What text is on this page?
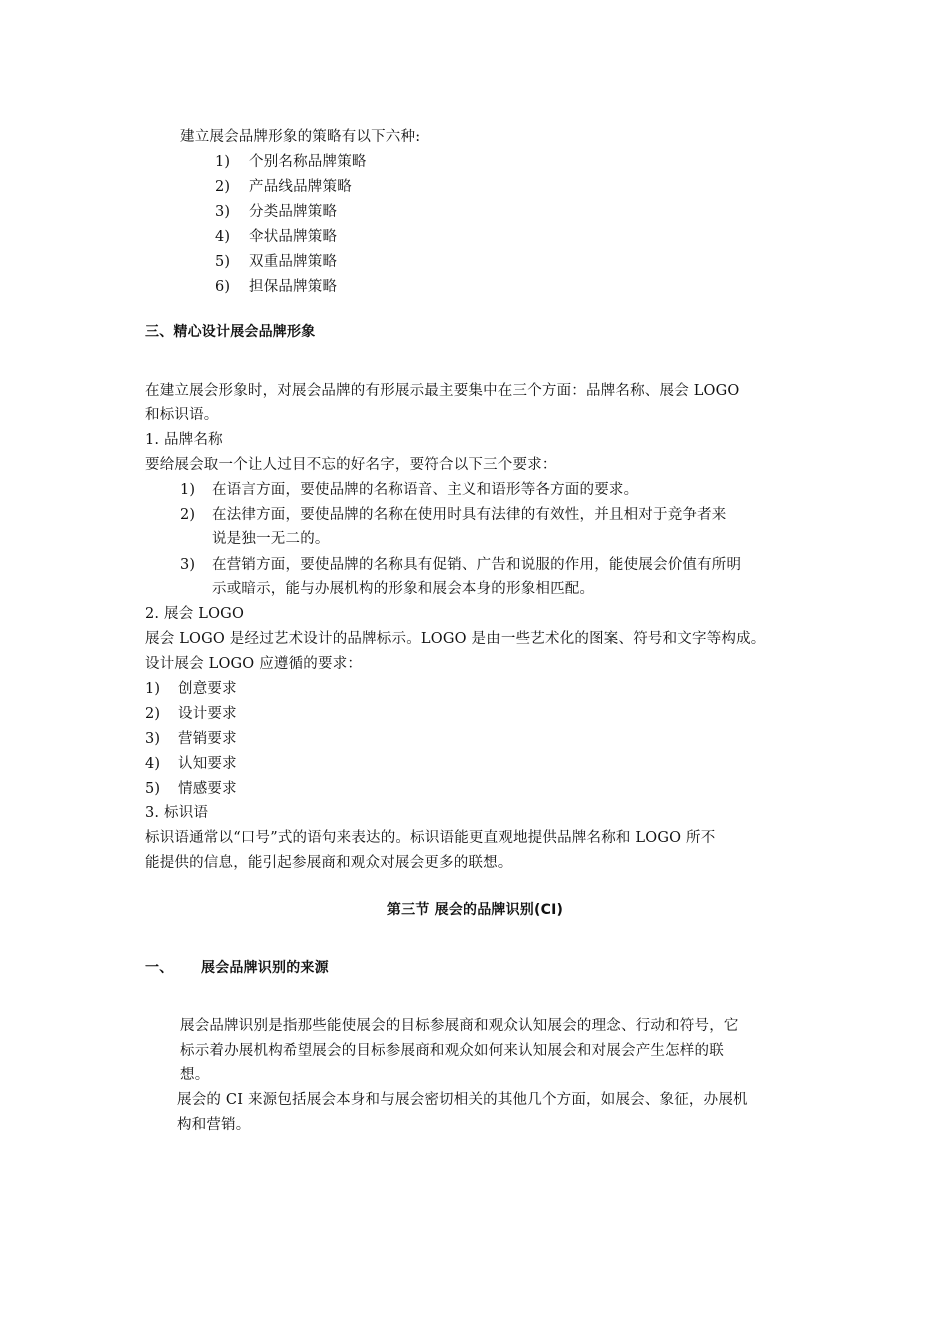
建立展会品牌形象的策略有以下六种:
1) 个别名称品牌策略
2) 产品线品牌策略
3) 分类品牌策略
4) 伞状品牌策略
5) 双重品牌策略
6) 担保品牌策略
三、精心设计展会品牌形象
在建立展会形象时，对展会品牌的有形展示最主要集中在三个方面：品牌名称、展会 LOGO
和标识语。
1. 品牌名称
要给展会取一个让人过目不忘的好名字，要符合以下三个要求：
1) 在语言方面，要使品牌的名称语音、主义和语形等各方面的要求。
2) 在法律方面，要使品牌的名称在使用时具有法律的有效性，并且相对于竞争者来
说是独一无二的。
3) 在营销方面，要使品牌的名称具有促销、广告和说服的作用，能使展会价值有所明
示或暗示，能与办展机构的形象和展会本身的形象相匹配。
2. 展会 LOGO
展会 LOGO 是经过艺术设计的品牌标示。LOGO 是由一些艺术化的图案、符号和文字等构成。
设计展会 LOGO 应遵循的要求：
1) 创意要求
2) 设计要求
3) 营销要求
4) 认知要求
5) 情感要求
3. 标识语
标识语通常以“口号”式的语句来表达的。标识语能更直观地提供品牌名称和 LOGO 所不
能提供的信息，能引起参展商和观众对展会更多的联想。
第三节 展会的品牌识别(CI)
一、 展会品牌识别的来源
展会品牌识别是指那些能使展会的目标参展商和观众认知展会的理念、行动和符号，它
标示着办展机构希望展会的目标参展商和观众如何来认知展会和对展会产生怎样的联
想。
展会的 CI 来源包括展会本身和与展会密切相关的其他几个方面，如展会、象征，办展机
构和营销。
